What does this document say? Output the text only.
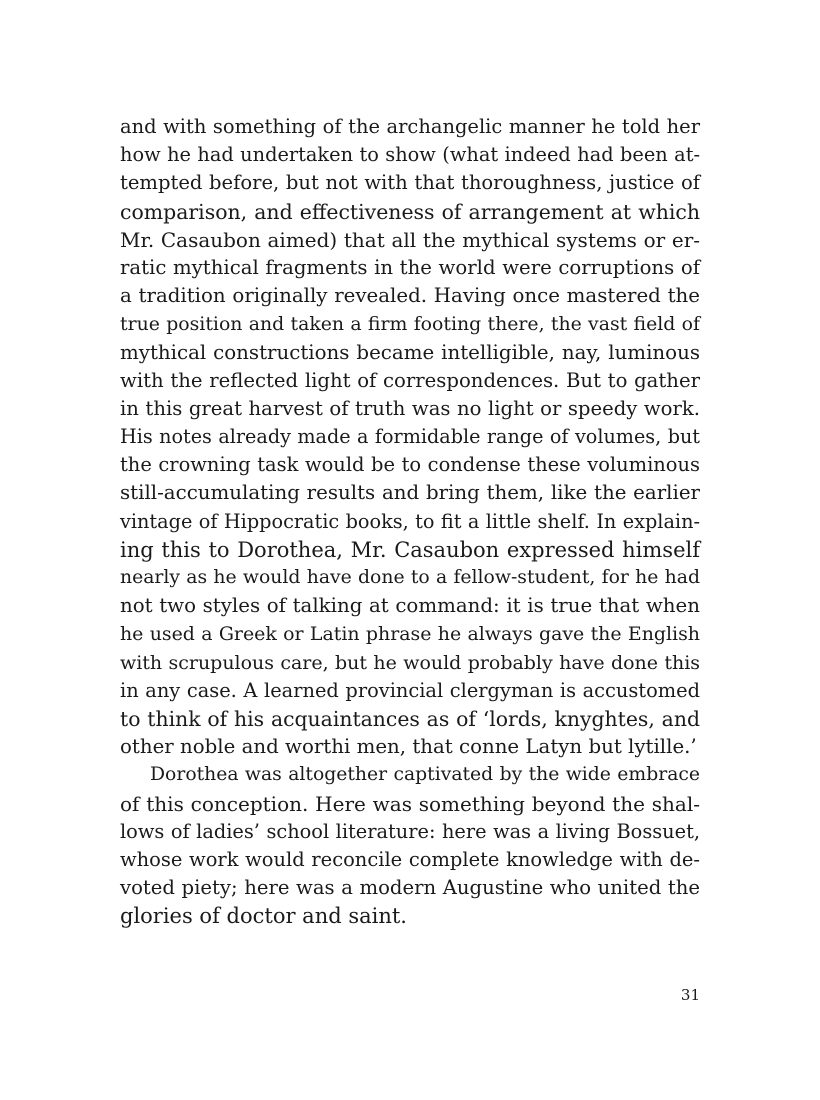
and with something of the archangelic manner he told her
how he had undertaken to show (what indeed had been at-
tempted before, but not with that thoroughness, justice of
comparison, and effectiveness of arrangement at which
Mr. Casaubon aimed) that all the mythical systems or er-
ratic mythical fragments in the world were corruptions of
a tradition originally revealed. Having once mastered the
true position and taken a firm footing there, the vast field of
mythical constructions became intelligible, nay, luminous
with the reflected light of correspondences. But to gather
in this great harvest of truth was no light or speedy work.
His notes already made a formidable range of volumes, but
the crowning task would be to condense these voluminous
still-accumulating results and bring them, like the earlier
vintage of Hippocratic books, to fit a little shelf. In explain-
ing this to Dorothea, Mr. Casaubon expressed himself
nearly as he would have done to a fellow-student, for he had
not two styles of talking at command: it is true that when
he used a Greek or Latin phrase he always gave the English
with scrupulous care, but he would probably have done this
in any case. A learned provincial clergyman is accustomed
to think of his acquaintances as of ‘lords, knyghtes, and
other noble and worthi men, that conne Latyn but lytille.’
Dorothea was altogether captivated by the wide embrace
of this conception. Here was something beyond the shal-
lows of ladies’ school literature: here was a living Bossuet,
whose work would reconcile complete knowledge with de-
voted piety; here was a modern Augustine who united the
glories of doctor and saint.
31
